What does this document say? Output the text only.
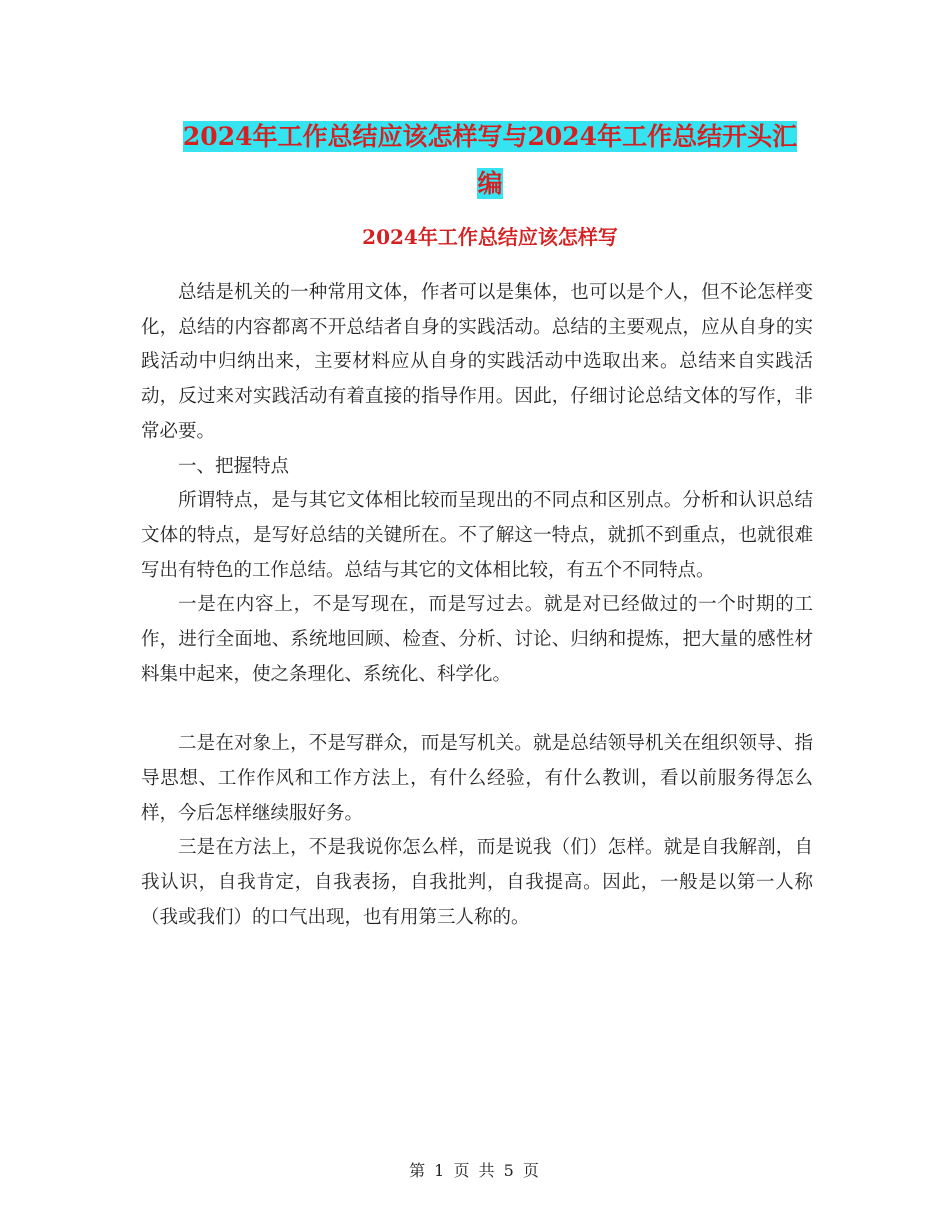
2024年工作总结应该怎样写与2024年工作总结开头汇
编
2024年工作总结应该怎样写

总结是机关的一种常用文体，作者可以是集体，也可以是个人，但不论怎样变化，总结的内容都离不开总结者自身的实践活动。总结的主要观点，应从自身的实践活动中归纳出来，主要材料应从自身的实践活动中选取出来。总结来自实践活动，反过来对实践活动有着直接的指导作用。因此，仔细讨论总结文体的写作，非常必要。

一、把握特点

所谓特点，是与其它文体相比较而呈现出的不同点和区别点。分析和认识总结文体的特点，是写好总结的关键所在。不了解这一特点，就抓不到重点，也就很难写出有特色的工作总结。总结与其它的文体相比较，有五个不同特点。

一是在内容上，不是写现在，而是写过去。就是对已经做过的一个时期的工作，进行全面地、系统地回顾、检查、分析、讨论、归纳和提炼，把大量的感性材料集中起来，使之条理化、系统化、科学化。

二是在对象上，不是写群众，而是写机关。就是总结领导机关在组织领导、指导思想、工作作风和工作方法上，有什么经验，有什么教训，看以前服务得怎么样，今后怎样继续服好务。

三是在方法上，不是我说你怎么样，而是说我（们）怎样。就是自我解剖，自我认识，自我肯定，自我表扬，自我批判，自我提高。因此，一般是以第一人称（我或我们）的口气出现，也有用第三人称的。

第 1 页 共 5 页
